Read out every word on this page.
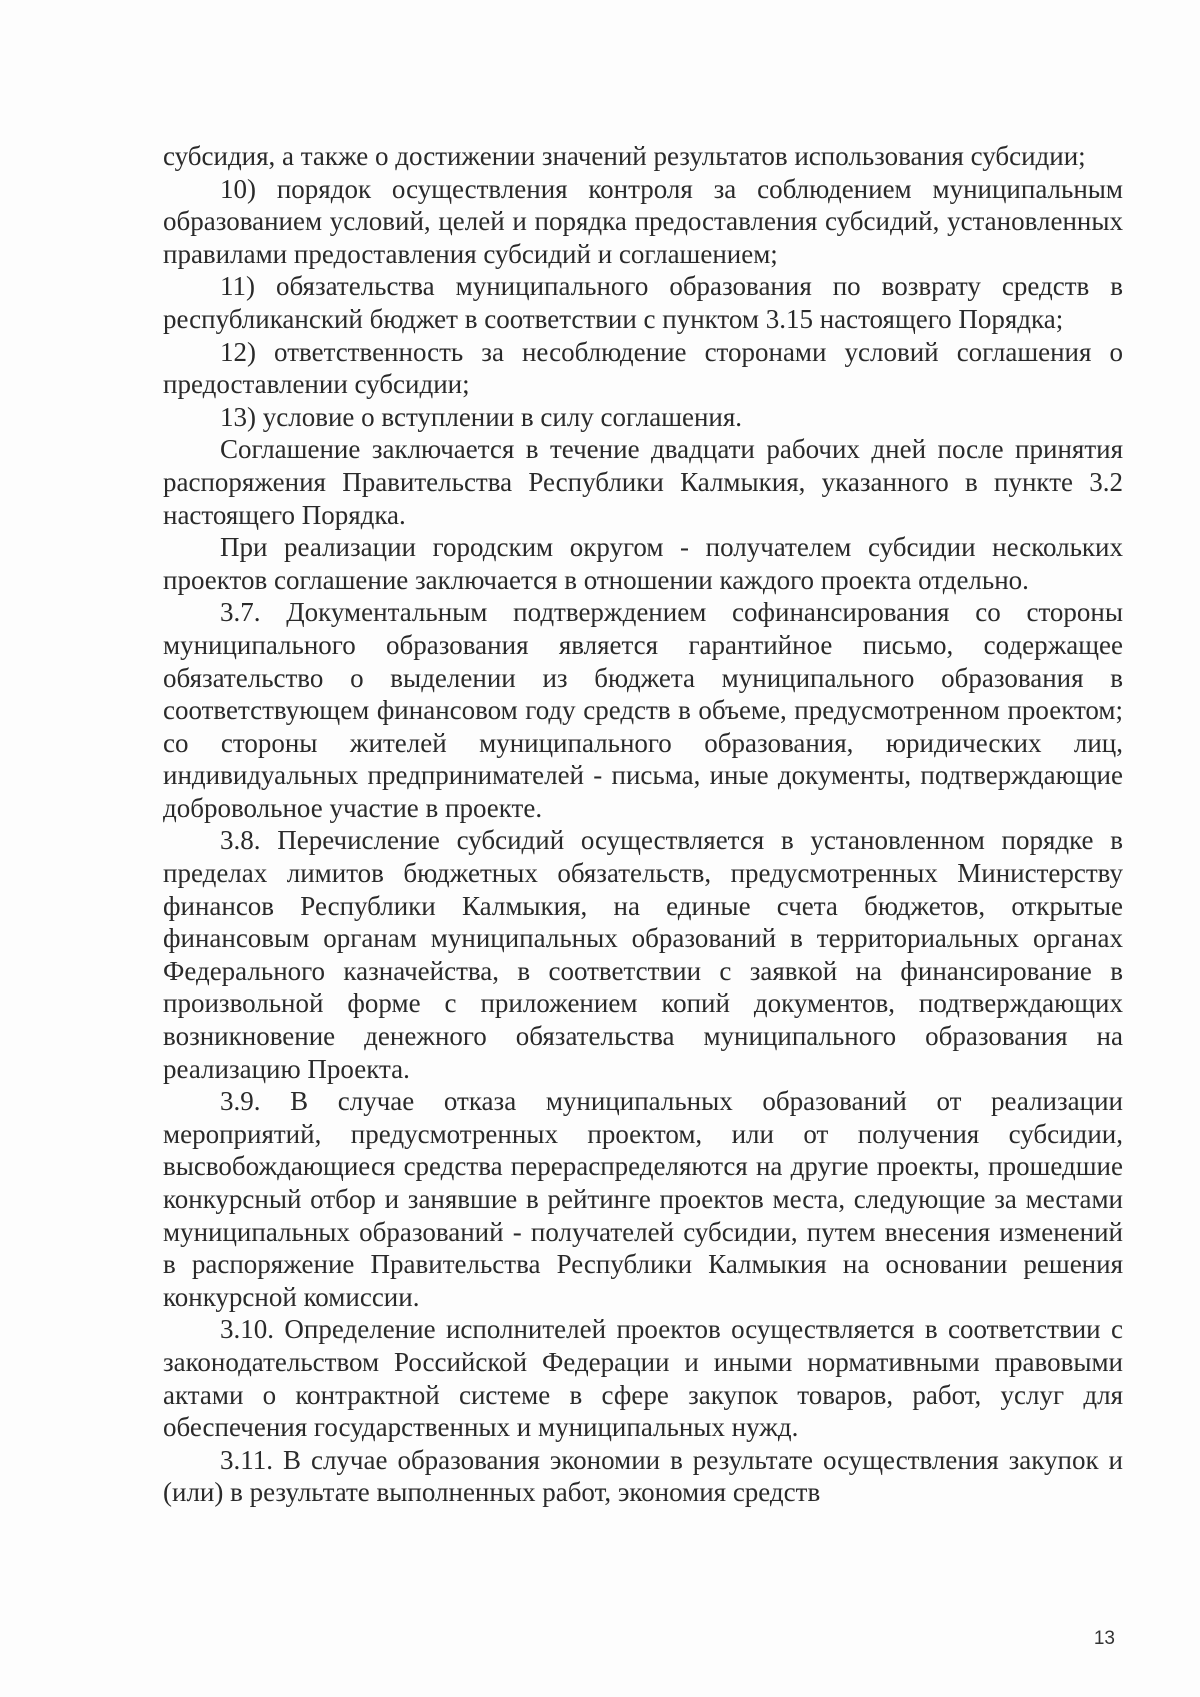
субсидия, а также о достижении значений результатов использования субсидии;

10) порядок осуществления контроля за соблюдением муниципальным образованием условий, целей и порядка предоставления субсидий, установленных правилами предоставления субсидий и соглашением;

11) обязательства муниципального образования по возврату средств в республиканский бюджет в соответствии с пунктом 3.15 настоящего Порядка;

12) ответственность за несоблюдение сторонами условий соглашения о предоставлении субсидии;

13) условие о вступлении в силу соглашения.

Соглашение заключается в течение двадцати рабочих дней после принятия распоряжения Правительства Республики Калмыкия, указанного в пункте 3.2 настоящего Порядка.

При реализации городским округом - получателем субсидии нескольких проектов соглашение заключается в отношении каждого проекта отдельно.

3.7. Документальным подтверждением софинансирования со стороны муниципального образования является гарантийное письмо, содержащее обязательство о выделении из бюджета муниципального образования в соответствующем финансовом году средств в объеме, предусмотренном проектом; со стороны жителей муниципального образования, юридических лиц, индивидуальных предпринимателей - письма, иные документы, подтверждающие добровольное участие в проекте.

3.8. Перечисление субсидий осуществляется в установленном порядке в пределах лимитов бюджетных обязательств, предусмотренных Министерству финансов Республики Калмыкия, на единые счета бюджетов, открытые финансовым органам муниципальных образований в территориальных органах Федерального казначейства, в соответствии с заявкой на финансирование в произвольной форме с приложением копий документов, подтверждающих возникновение денежного обязательства муниципального образования на реализацию Проекта.

3.9. В случае отказа муниципальных образований от реализации мероприятий, предусмотренных проектом, или от получения субсидии, высвобождающиеся средства перераспределяются на другие проекты, прошедшие конкурсный отбор и занявшие в рейтинге проектов места, следующие за местами муниципальных образований - получателей субсидии, путем внесения изменений в распоряжение Правительства Республики Калмыкия на основании решения конкурсной комиссии.

3.10. Определение исполнителей проектов осуществляется в соответствии с законодательством Российской Федерации и иными нормативными правовыми актами о контрактной системе в сфере закупок товаров, работ, услуг для обеспечения государственных и муниципальных нужд.

3.11. В случае образования экономии в результате осуществления закупок и (или) в результате выполненных работ, экономия средств

13
